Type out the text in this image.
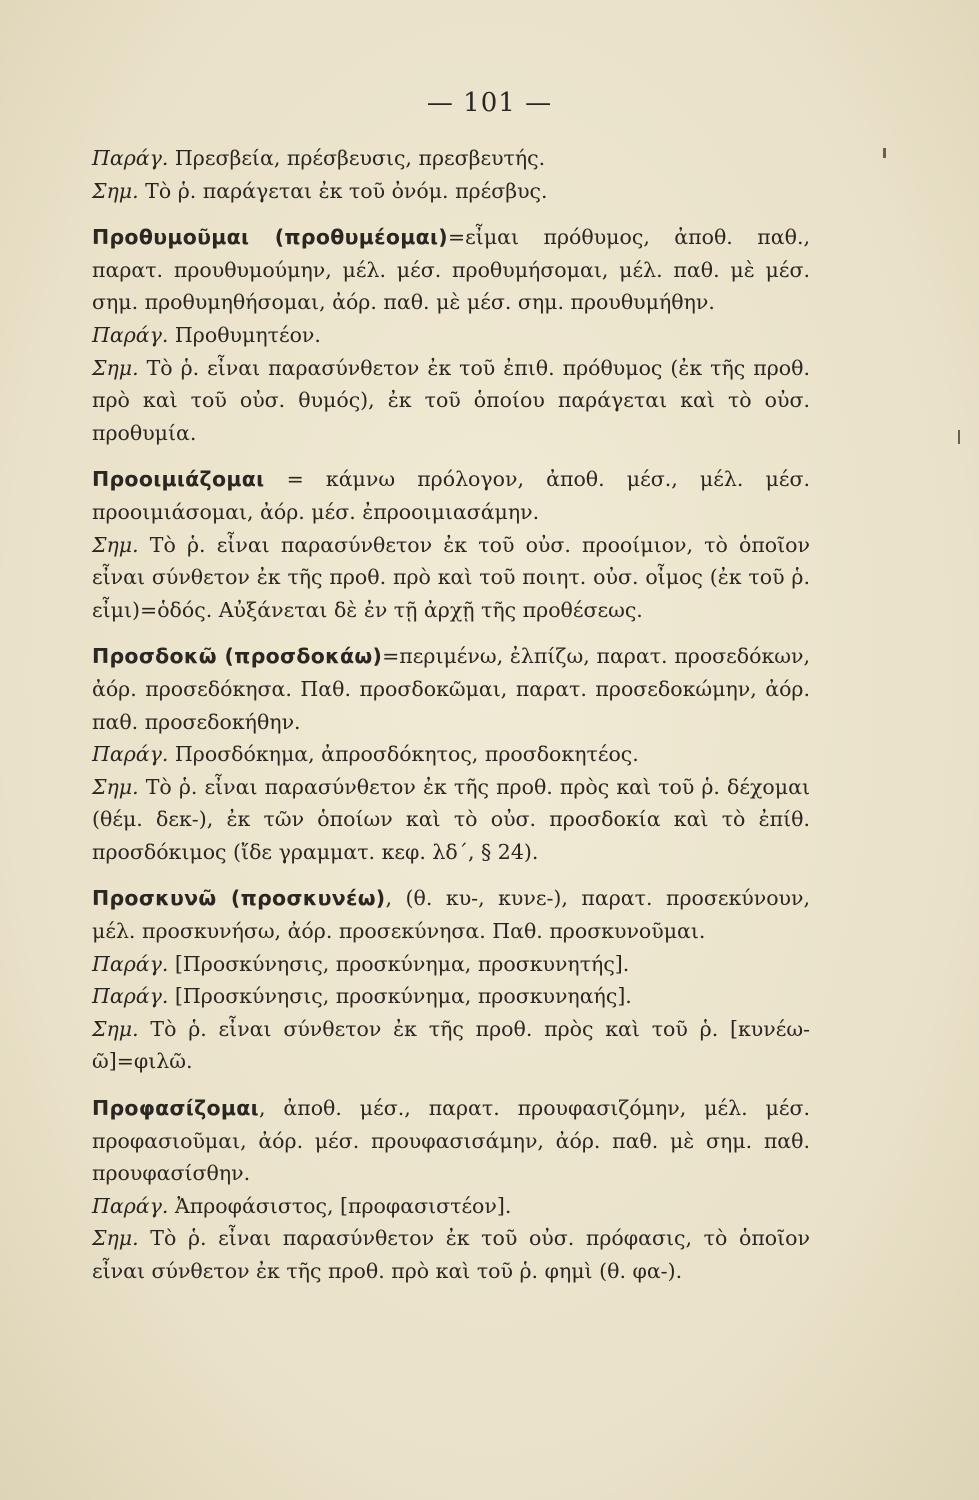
— 101 —

Παράγ. Πρεσβεία, πρέσβευσις, πρεσβευτής.

Σημ. Τὸ ῥ. παράγεται ἐκ τοῦ ὀνόμ. πρέσβυς.

Προθυμοῦμαι (προθυμέομαι)=εἶμαι πρόθυμος, ἀποθ. παθ., παρατ. προυθυμούμην, μέλ. μέσ. προθυμήσομαι, μέλ. παθ. μὲ μέσ. σημ. προθυμηθήσομαι, ἀόρ. παθ. μὲ μέσ. σημ. προυθυμήθην.

Παράγ. Προθυμητέον.

Σημ. Τὸ ῥ. εἶναι παρασύνθετον ἐκ τοῦ ἐπιθ. πρόθυμος (ἐκ τῆς προθ. πρὸ καὶ τοῦ οὐσ. θυμός), ἐκ τοῦ ὁποίου παράγεται καὶ τὸ οὐσ. προθυμία.

Προοιμιάζομαι = κάμνω πρόλογον, ἀποθ. μέσ., μέλ. μέσ. προοιμιάσομαι, ἀόρ. μέσ. ἐπροοιμιασάμην.

Σημ. Τὸ ῥ. εἶναι παρασύνθετον ἐκ τοῦ οὐσ. προοίμιον, τὸ ὁποῖον εἶναι σύνθετον ἐκ τῆς προθ. πρὸ καὶ τοῦ ποιητ. οὐσ. οἶμος (ἐκ τοῦ ῥ. εἶμι)=ὁδός. Αὐξάνεται δὲ ἐν τῇ ἀρχῇ τῆς προθέσεως.

Προσδοκῶ (προσδοκάω)=περιμένω, ἐλπίζω, παρατ. προσεδόκων, ἀόρ. προσεδόκησα. Παθ. προσδοκῶμαι, παρατ. προσεδοκώμην, ἀόρ. παθ. προσεδοκήθην.

Παράγ. Προσδόκημα, ἀπροσδόκητος, προσδοκητέος.

Σημ. Τὸ ῥ. εἶναι παρασύνθετον ἐκ τῆς προθ. πρὸς καὶ τοῦ ῥ. δέχομαι (θέμ. δεκ-), ἐκ τῶν ὁποίων καὶ τὸ οὐσ. προσδοκία καὶ τὸ ἐπίθ. προσδόκιμος (ἴδε γραμματ. κεφ. λδ΄, § 24).

Προσκυνῶ (προσκυνέω), (θ. κυ-, κυνε-), παρατ. προσεκύνουν, μέλ. προσκυνήσω, ἀόρ. προσεκύνησα. Παθ. προσκυνοῦμαι.

Παράγ. [Προσκύνησις, προσκύνημα, προσκυνητής].

Παράγ. [Προσκύνησις, προσκύνημα, προσκυνηαής].

Σημ. Τὸ ῥ. εἶναι σύνθετον ἐκ τῆς προθ. πρὸς καὶ τοῦ ῥ. [κυνέω-ῶ]=φιλῶ.

Προφασίζομαι, ἀποθ. μέσ., παρατ. προυφασιζόμην, μέλ. μέσ. προφασιοῦμαι, ἀόρ. μέσ. προυφασισάμην, ἀόρ. παθ. μὲ σημ. παθ. προυφασίσθην.

Παράγ. Ἀπροφάσιστος, [προφασιστέον].

Σημ. Τὸ ῥ. εἶναι παρασύνθετον ἐκ τοῦ οὐσ. πρόφασις, τὸ ὁποῖον εἶναι σύνθετον ἐκ τῆς προθ. πρὸ καὶ τοῦ ῥ. φημὶ (θ. φα-).
